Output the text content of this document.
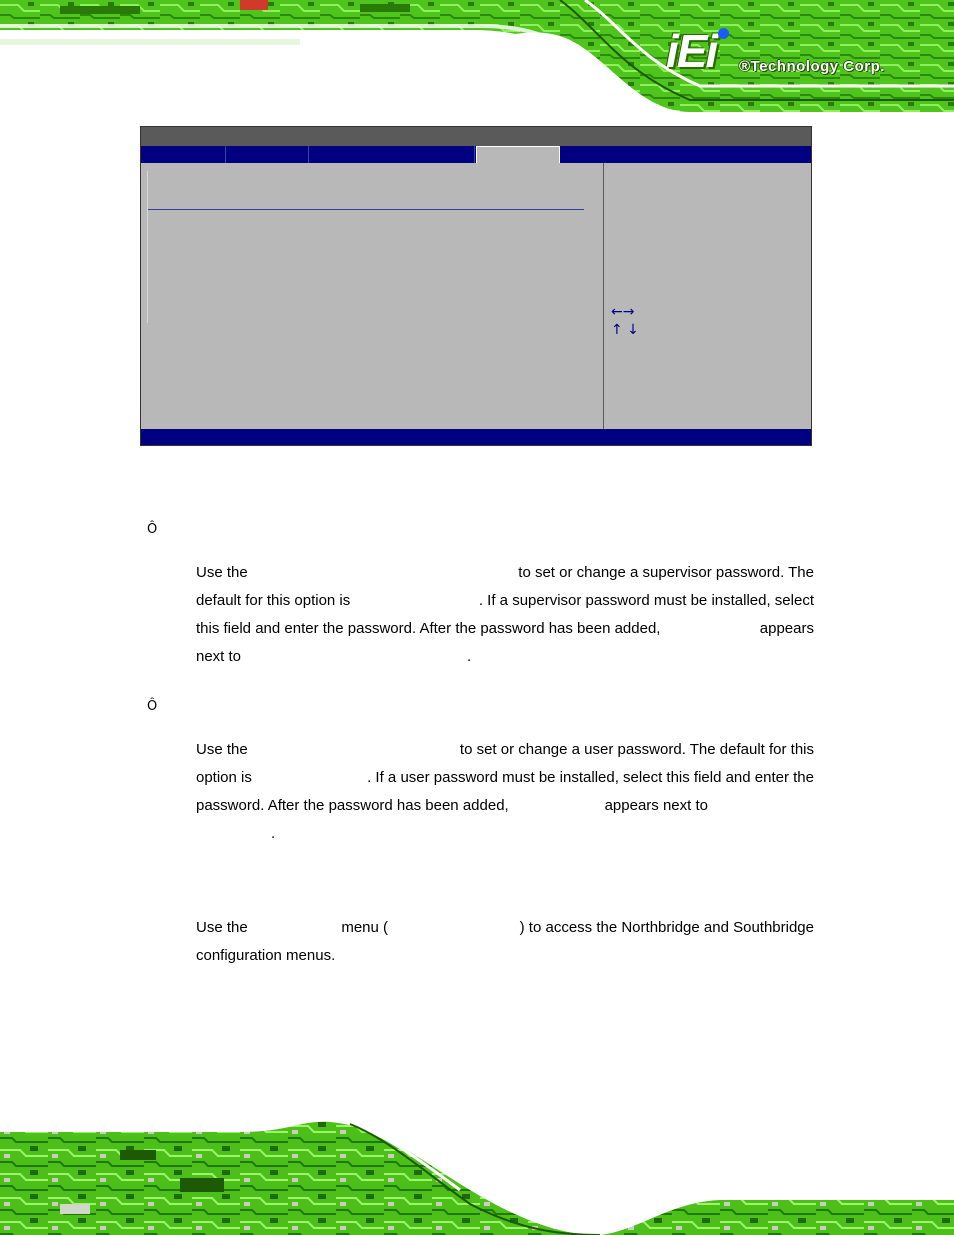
iEi ®Technology Corp.
←→
↑ ↓
Ô
Use the	to set or change a supervisor password. The
default for this option is	. If a supervisor password must be installed, select
this field and enter the password. After the password has been added,	appears
next to	.
Ô
Use the	to set or change a user password. The default for this
option is	. If a user password must be installed, select this field and enter the
password. After the password has been added,	appears next to
.
Use the	menu (	) to access the Northbridge and Southbridge
configuration menus.
